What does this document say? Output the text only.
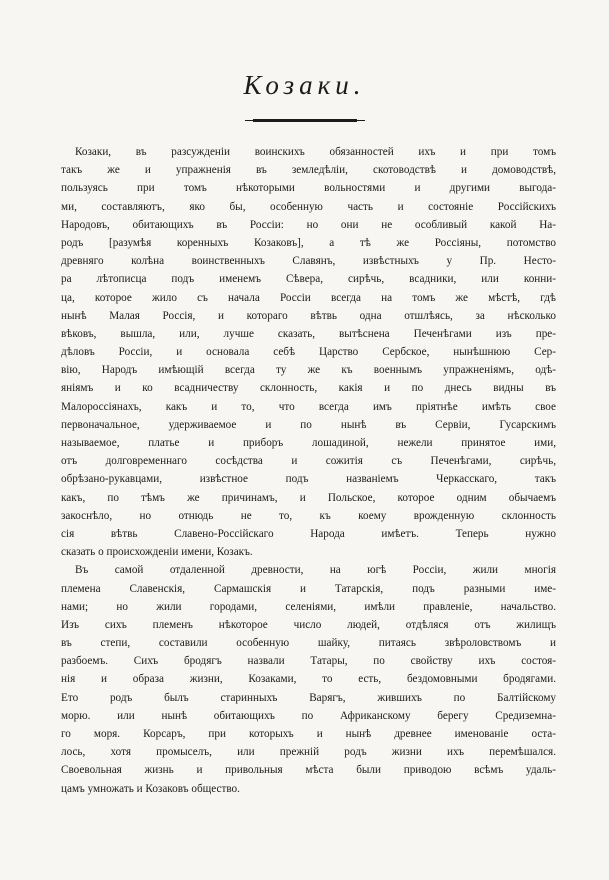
Козаки.
Козаки, въ разсужденіи воинскихъ обязанностей ихъ и при томъ
такъ же и упражненія въ земледѣліи, скотоводствѣ и домоводствѣ,
пользуясь при томъ нѣкоторыми вольностями и другими выгода-
ми, составляютъ, яко бы, особенную часть и состояніе Россійскихъ
Народовъ, обитающихъ въ Россіи: но они не особливый какой На-
родъ [разумѣя коренныхъ Козаковъ], а тѣ же Россіяны, потомство
древняго колѣна воинственныхъ Славянъ, извѣстныхъ у Пр. Несто-
ра лѣтописца подъ именемъ Сѣвера, сирѣчь, всадники, или конни-
ца, которое жило съ начала Россіи всегда на томъ же мѣстѣ, гдѣ
нынѣ Малая Россія, и котораго вѣтвь одна отшлѣясь, за нѣсколько
вѣковъ, вышла, или, лучше сказать, вытѣснена Печенѣгами изъ пре-
дѣловъ Россіи, и основала себѣ Царство Сербское, нынѣшнюю Сер-
вію, Народъ имѣющій всегда ту же къ военнымъ упражненіямъ, одѣ-
яніямъ и ко всадничеству склонность, какія и по днесь видны въ
Малороссіянахъ, какъ и то, что всегда имъ пріятнѣе имѣть свое
первоначальное, удерживаемое и по нынѣ въ Сервіи, Гусарскимъ
называемое, платье и приборъ лошадиной, нежели принятое ими,
отъ долговременнаго сосѣдства и сожитія съ Печенѣгами, сирѣчь,
обрѣзано-рукавцами, извѣстное подъ названіемъ Черкасскаго, такъ
какъ, по тѣмъ же причинамъ, и Польское, которое одним обычаемъ
закоснѣло, но отнюдь не то, къ коему врожденную склонность
сія вѣтвь Славено-Россійскаго Народа имѣетъ. Теперь нужно
сказать о происхожденіи имени, Козакъ.
Въ самой отдаленной древности, на югѣ Россіи, жили многія
племена Славенскія, Сармашскія и Татарскія, подъ разными име-
нами; но жили городами, селеніями, имѣли правленіе, начальство.
Изъ сихъ племенъ нѣкоторое число людей, отдѣляся отъ жилищъ
въ степи, составили особенную шайку, питаясь звѣроловствомъ и
разбоемъ. Сихъ бродягъ назвали Татары, по свойству ихъ состоя-
нія и образа жизни, Козаками, то есть, бездомовными бродягами.
Ето родъ былъ старинныхъ Варягъ, жившихъ по Балтійскому
морю. или нынѣ обитающихъ по Африканскому берегу Средиземна-
го моря. Корсаръ, при которыхъ и нынѣ древнее именованіе оста-
лось, хотя промыселъ, или прежній родъ жизни ихъ перемѣшался.
Своевольная жизнь и привольныя мѣста были приводою всѣмъ удаль-
цамъ умножать и Козаковъ общество.
